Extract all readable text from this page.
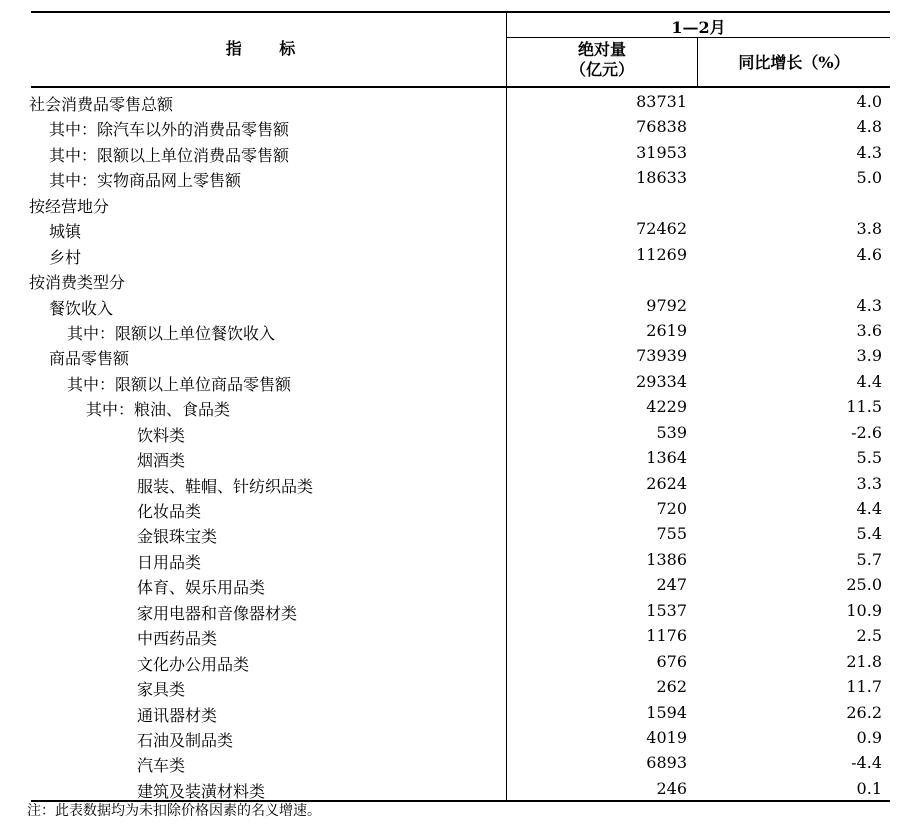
指 标
1—2月
绝对量
（亿元）	同比增长（%）
社会消费品零售总额	83731	4.0
其中：除汽车以外的消费品零售额	76838	4.8
其中：限额以上单位消费品零售额	31953	4.3
其中：实物商品网上零售额	18633	5.0
按经营地分
城镇	72462	3.8
乡村	11269	4.6
按消费类型分
餐饮收入	9792	4.3
其中：限额以上单位餐饮收入	2619	3.6
商品零售额	73939	3.9
其中：限额以上单位商品零售额	29334	4.4
其中：粮油、食品类	4229	11.5
饮料类	539	-2.6
烟酒类	1364	5.5
服装、鞋帽、针纺织品类	2624	3.3
化妆品类	720	4.4
金银珠宝类	755	5.4
日用品类	1386	5.7
体育、娱乐用品类	247	25.0
家用电器和音像器材类	1537	10.9
中西药品类	1176	2.5
文化办公用品类	676	21.8
家具类	262	11.7
通讯器材类	1594	26.2
石油及制品类	4019	0.9
汽车类	6893	-4.4
建筑及装潢材料类	246	0.1
注：此表数据均为未扣除价格因素的名义增速。
